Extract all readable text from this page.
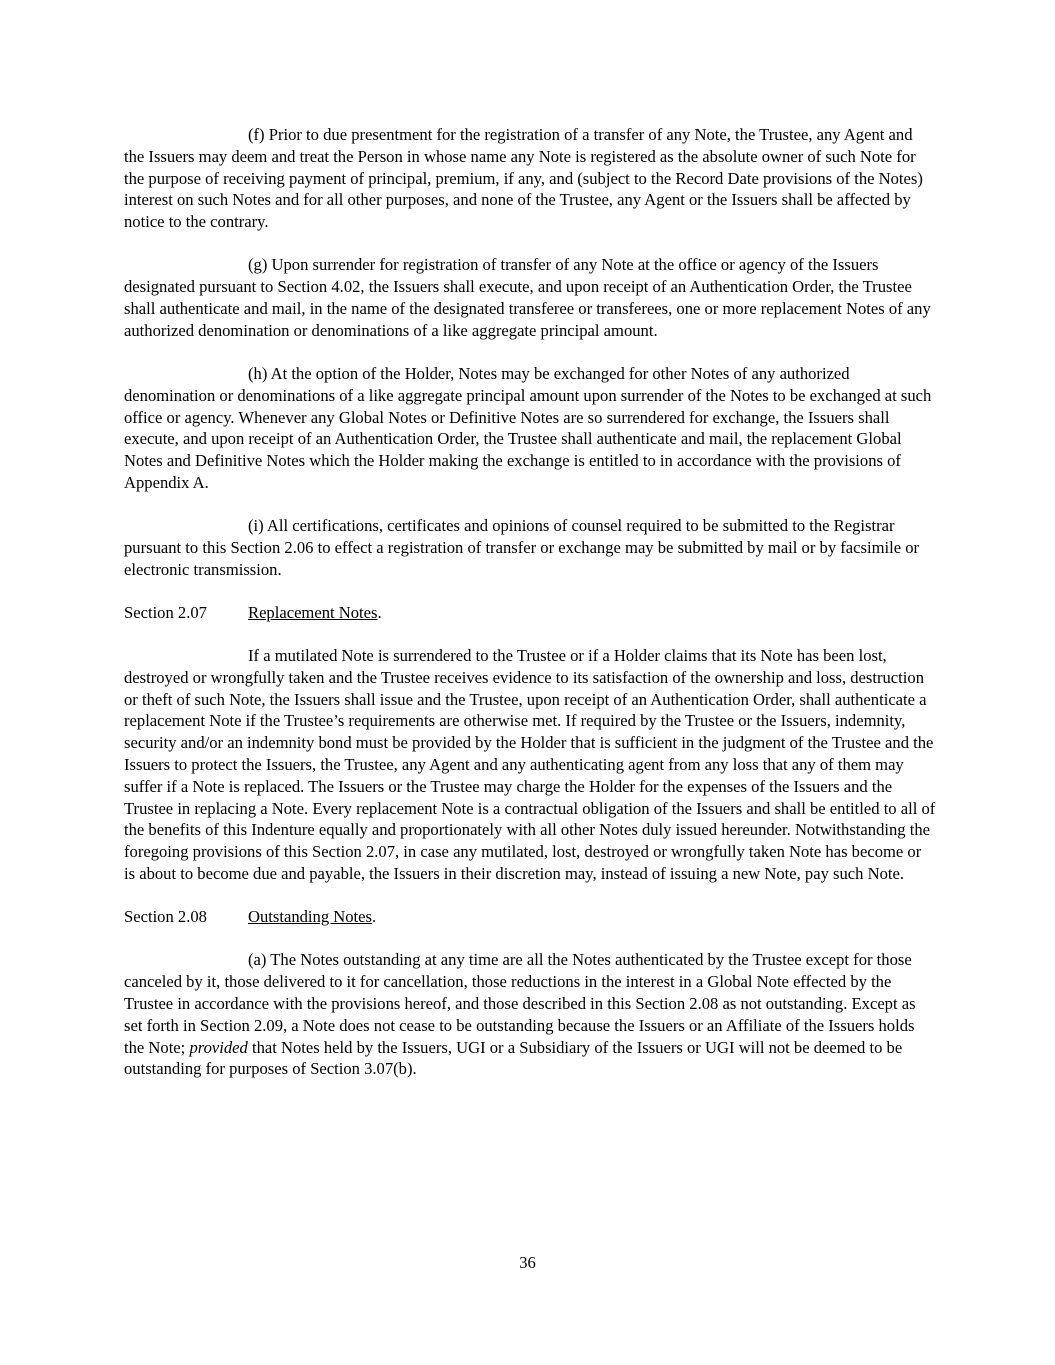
(f) Prior to due presentment for the registration of a transfer of any Note, the Trustee, any Agent and the Issuers may deem and treat the Person in whose name any Note is registered as the absolute owner of such Note for the purpose of receiving payment of principal, premium, if any, and (subject to the Record Date provisions of the Notes) interest on such Notes and for all other purposes, and none of the Trustee, any Agent or the Issuers shall be affected by notice to the contrary.

(g) Upon surrender for registration of transfer of any Note at the office or agency of the Issuers designated pursuant to Section 4.02, the Issuers shall execute, and upon receipt of an Authentication Order, the Trustee shall authenticate and mail, in the name of the designated transferee or transferees, one or more replacement Notes of any authorized denomination or denominations of a like aggregate principal amount.

(h) At the option of the Holder, Notes may be exchanged for other Notes of any authorized denomination or denominations of a like aggregate principal amount upon surrender of the Notes to be exchanged at such office or agency. Whenever any Global Notes or Definitive Notes are so surrendered for exchange, the Issuers shall execute, and upon receipt of an Authentication Order, the Trustee shall authenticate and mail, the replacement Global Notes and Definitive Notes which the Holder making the exchange is entitled to in accordance with the provisions of Appendix A.

(i) All certifications, certificates and opinions of counsel required to be submitted to the Registrar pursuant to this Section 2.06 to effect a registration of transfer or exchange may be submitted by mail or by facsimile or electronic transmission.

Section 2.07 Replacement Notes.

If a mutilated Note is surrendered to the Trustee or if a Holder claims that its Note has been lost, destroyed or wrongfully taken and the Trustee receives evidence to its satisfaction of the ownership and loss, destruction or theft of such Note, the Issuers shall issue and the Trustee, upon receipt of an Authentication Order, shall authenticate a replacement Note if the Trustee’s requirements are otherwise met. If required by the Trustee or the Issuers, indemnity, security and/or an indemnity bond must be provided by the Holder that is sufficient in the judgment of the Trustee and the Issuers to protect the Issuers, the Trustee, any Agent and any authenticating agent from any loss that any of them may suffer if a Note is replaced. The Issuers or the Trustee may charge the Holder for the expenses of the Issuers and the Trustee in replacing a Note. Every replacement Note is a contractual obligation of the Issuers and shall be entitled to all of the benefits of this Indenture equally and proportionately with all other Notes duly issued hereunder. Notwithstanding the foregoing provisions of this Section 2.07, in case any mutilated, lost, destroyed or wrongfully taken Note has become or is about to become due and payable, the Issuers in their discretion may, instead of issuing a new Note, pay such Note.

Section 2.08 Outstanding Notes.

(a) The Notes outstanding at any time are all the Notes authenticated by the Trustee except for those canceled by it, those delivered to it for cancellation, those reductions in the interest in a Global Note effected by the Trustee in accordance with the provisions hereof, and those described in this Section 2.08 as not outstanding. Except as set forth in Section 2.09, a Note does not cease to be outstanding because the Issuers or an Affiliate of the Issuers holds the Note; provided that Notes held by the Issuers, UGI or a Subsidiary of the Issuers or UGI will not be deemed to be outstanding for purposes of Section 3.07(b).

36
